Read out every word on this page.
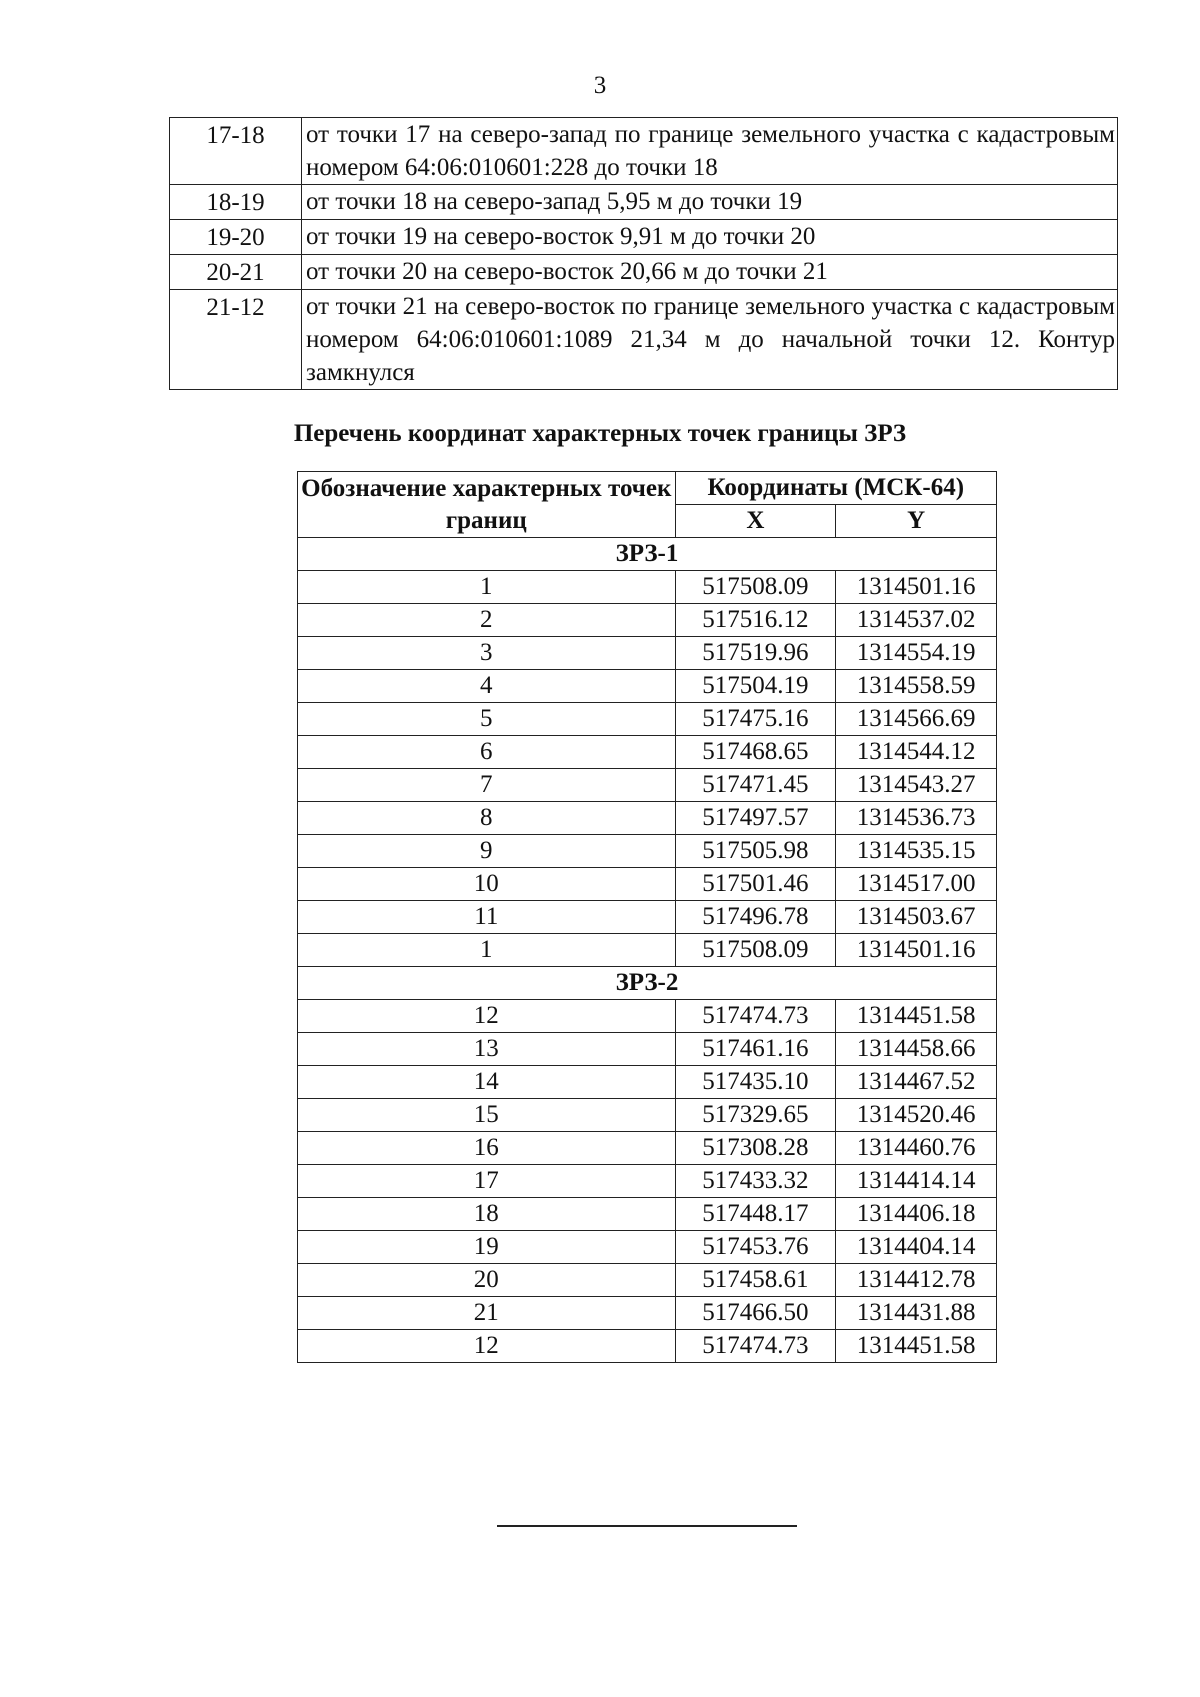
3
17-18	от точки 17 на северо-запад по границе земельного участка с кадастровым номером 64:06:010601:228 до точки 18
18-19	от точки 18 на северо-запад 5,95 м до точки 19
19-20	от точки 19 на северо-восток 9,91 м до точки 20
20-21	от точки 20 на северо-восток 20,66 м до точки 21
21-12	от точки 21 на северо-восток по границе земельного участка с кадастровым номером 64:06:010601:1089 21,34 м до начальной точки 12. Контур замкнулся
Перечень координат характерных точек границы ЗРЗ
Обозначение характерных точек границ	Координаты (МСК-64)	
	X	Y
ЗРЗ-1		
1	517508.09	1314501.16
2	517516.12	1314537.02
3	517519.96	1314554.19
4	517504.19	1314558.59
5	517475.16	1314566.69
6	517468.65	1314544.12
7	517471.45	1314543.27
8	517497.57	1314536.73
9	517505.98	1314535.15
10	517501.46	1314517.00
11	517496.78	1314503.67
1	517508.09	1314501.16
ЗРЗ-2		
12	517474.73	1314451.58
13	517461.16	1314458.66
14	517435.10	1314467.52
15	517329.65	1314520.46
16	517308.28	1314460.76
17	517433.32	1314414.14
18	517448.17	1314406.18
19	517453.76	1314404.14
20	517458.61	1314412.78
21	517466.50	1314431.88
12	517474.73	1314451.58
